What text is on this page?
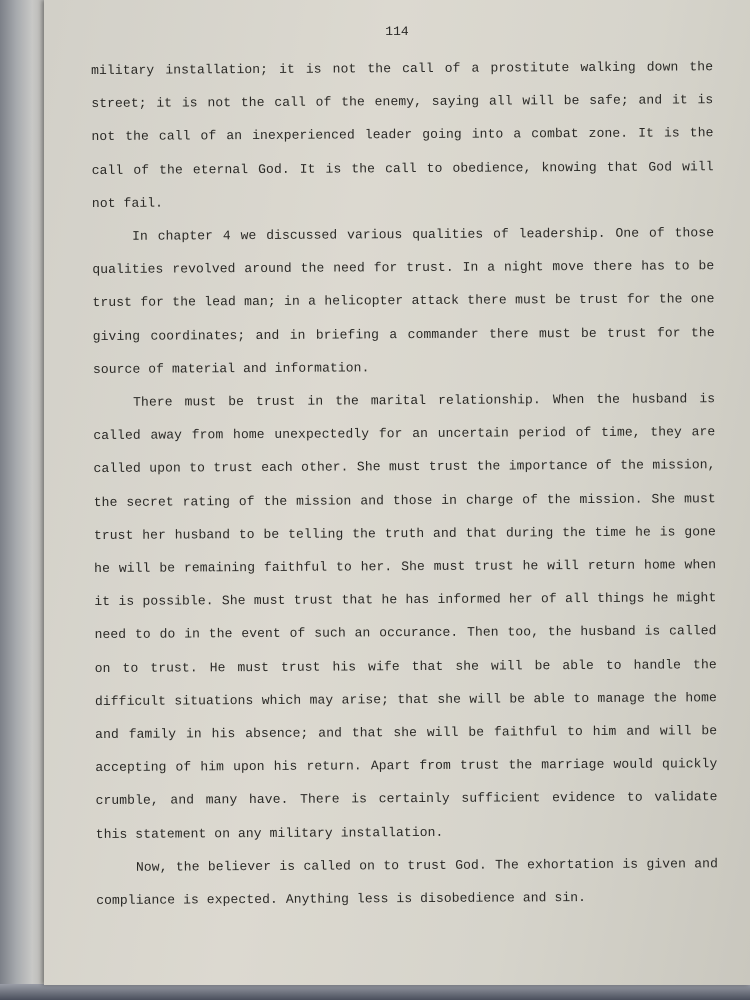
114

military installation; it is not the call of a prostitute walking down the street; it is not the call of the enemy, saying all will be safe; and it is not the call of an inexperienced leader going into a combat zone. It is the call of the eternal God. It is the call to obedience, knowing that God will not fail.

In chapter 4 we discussed various qualities of leadership. One of those qualities revolved around the need for trust. In a night move there has to be trust for the lead man; in a helicopter attack there must be trust for the one giving coordinates; and in briefing a commander there must be trust for the source of material and information.

There must be trust in the marital relationship. When the husband is called away from home unexpectedly for an uncertain period of time, they are called upon to trust each other. She must trust the importance of the mission, the secret rating of the mission and those in charge of the mission. She must trust her husband to be telling the truth and that during the time he is gone he will be remaining faithful to her. She must trust he will return home when it is possible. She must trust that he has informed her of all things he might need to do in the event of such an occurance. Then too, the husband is called on to trust. He must trust his wife that she will be able to handle the difficult situations which may arise; that she will be able to manage the home and family in his absence; and that she will be faithful to him and will be accepting of him upon his return. Apart from trust the marriage would quickly crumble, and many have. There is certainly sufficient evidence to validate this statement on any military installation.

Now, the believer is called on to trust God. The exhortation is given and compliance is expected. Anything less is disobedience and sin.
